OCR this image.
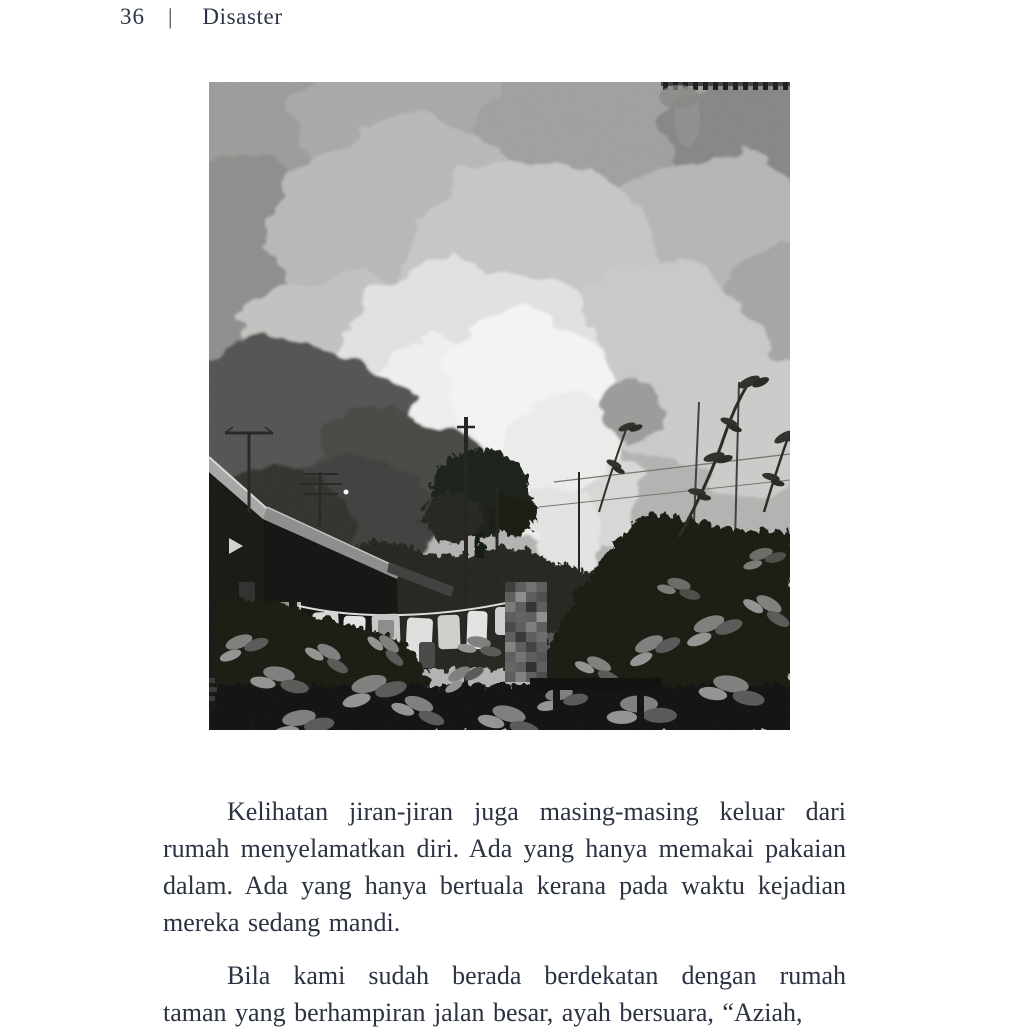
36 | Disaster

Kelihatan jiran-jiran juga masing-masing keluar dari
rumah menyelamatkan diri. Ada yang hanya memakai pakaian
dalam. Ada yang hanya bertuala kerana pada waktu kejadian
mereka sedang mandi.

Bila kami sudah berada berdekatan dengan rumah
taman yang berhampiran jalan besar, ayah bersuara, “Aziah,
